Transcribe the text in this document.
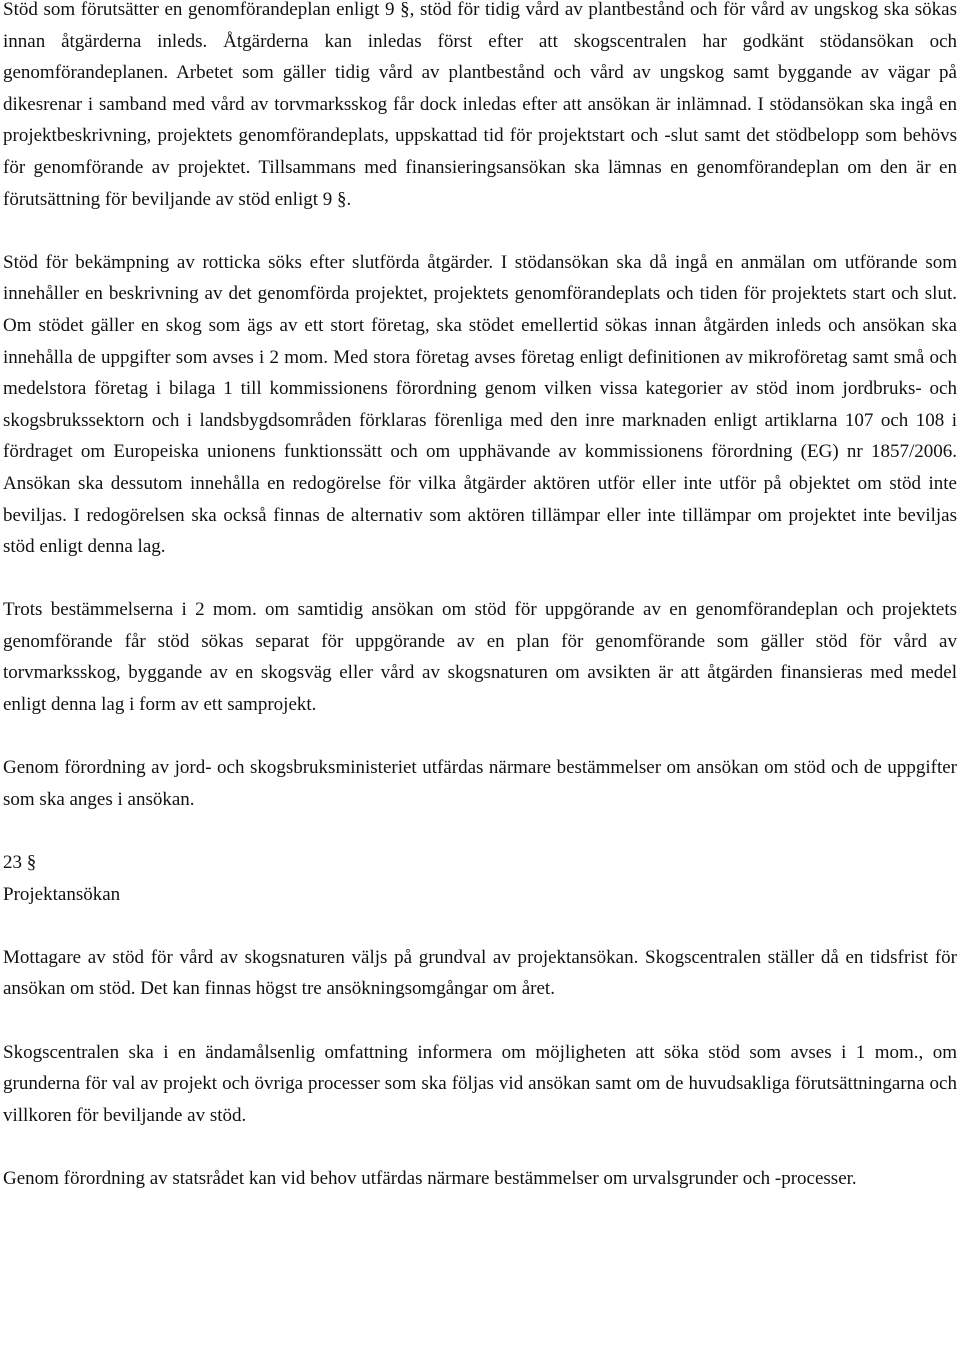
Stöd som förutsätter en genomförandeplan enligt 9 §, stöd för tidig vård av plantbestånd och för vård av ungskog ska sökas innan åtgärderna inleds. Åtgärderna kan inledas först efter att skogscentralen har godkänt stödansökan och genomförandeplanen. Arbetet som gäller tidig vård av plantbestånd och vård av ungskog samt byggande av vägar på dikesrenar i samband med vård av torvmarksskog får dock inledas efter att ansökan är inlämnad. I stödansökan ska ingå en projektbeskrivning, projektets genomförandeplats, uppskattad tid för projektstart och -slut samt det stödbelopp som behövs för genomförande av projektet. Tillsammans med finansieringsansökan ska lämnas en genomförandeplan om den är en förutsättning för beviljande av stöd enligt 9 §.

Stöd för bekämpning av rotticka söks efter slutförda åtgärder. I stödansökan ska då ingå en anmälan om utförande som innehåller en beskrivning av det genomförda projektet, projektets genomförandeplats och tiden för projektets start och slut. Om stödet gäller en skog som ägs av ett stort företag, ska stödet emellertid sökas innan åtgärden inleds och ansökan ska innehålla de uppgifter som avses i 2 mom. Med stora företag avses företag enligt definitionen av mikroföretag samt små och medelstora företag i bilaga 1 till kommissionens förordning genom vilken vissa kategorier av stöd inom jordbruks- och skogsbrukssektorn och i landsbygdsområden förklaras förenliga med den inre marknaden enligt artiklarna 107 och 108 i fördraget om Europeiska unionens funktionssätt och om upphävande av kommissionens förordning (EG) nr 1857/2006. Ansökan ska dessutom innehålla en redogörelse för vilka åtgärder aktören utför eller inte utför på objektet om stöd inte beviljas. I redogörelsen ska också finnas de alternativ som aktören tillämpar eller inte tillämpar om projektet inte beviljas stöd enligt denna lag.

Trots bestämmelserna i 2 mom. om samtidig ansökan om stöd för uppgörande av en genomförandeplan och projektets genomförande får stöd sökas separat för uppgörande av en plan för genomförande som gäller stöd för vård av torvmarksskog, byggande av en skogsväg eller vård av skogsnaturen om avsikten är att åtgärden finansieras med medel enligt denna lag i form av ett samprojekt.

Genom förordning av jord- och skogsbruksministeriet utfärdas närmare bestämmelser om ansökan om stöd och de uppgifter som ska anges i ansökan.

23 §

Projektansökan

Mottagare av stöd för vård av skogsnaturen väljs på grundval av projektansökan. Skogscentralen ställer då en tidsfrist för ansökan om stöd. Det kan finnas högst tre ansökningsomgångar om året.

Skogscentralen ska i en ändamålsenlig omfattning informera om möjligheten att söka stöd som avses i 1 mom., om grunderna för val av projekt och övriga processer som ska följas vid ansökan samt om de huvudsakliga förutsättningarna och villkoren för beviljande av stöd.

Genom förordning av statsrådet kan vid behov utfärdas närmare bestämmelser om urvalsgrunder och -processer.
